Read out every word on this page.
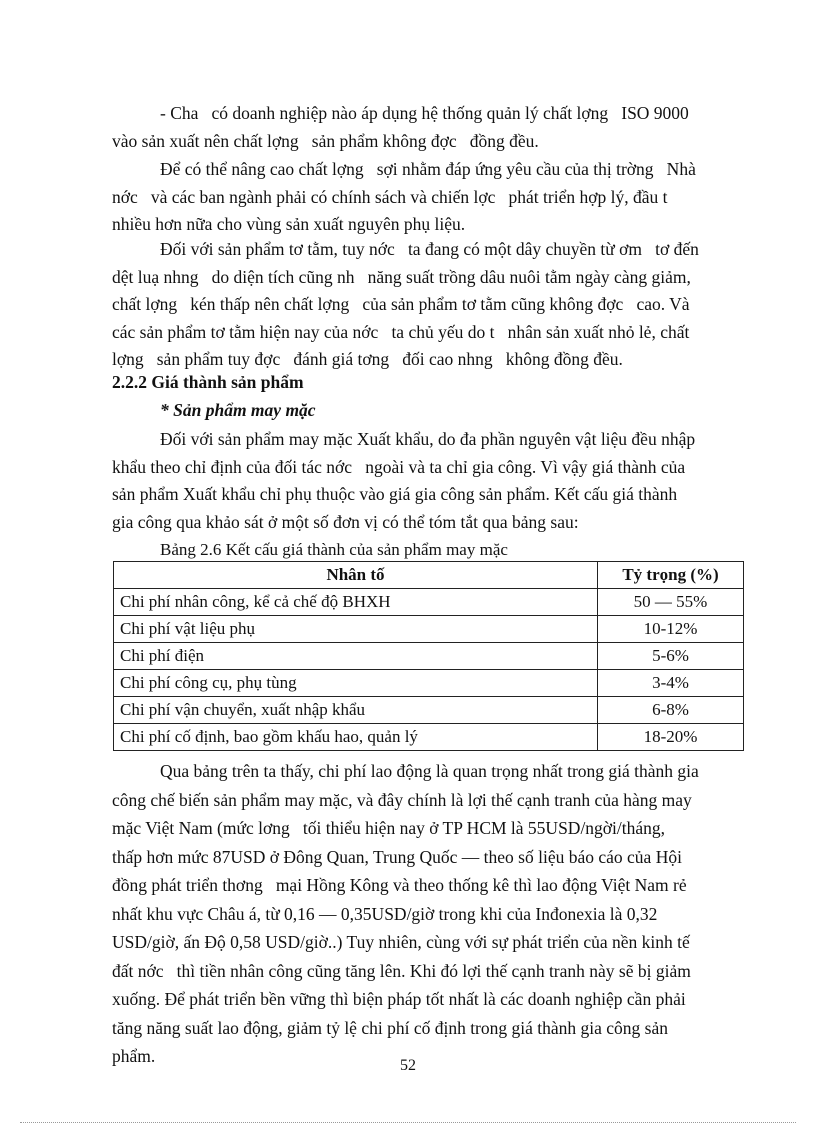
- Cha   có doanh nghiệp nào áp dụng hệ thống quản lý chất lợng   ISO 9000
vào sản xuất nên chất lợng   sản phẩm không đợc   đồng đều.
Để có thể nâng cao chất lợng   sợi nhằm đáp ứng yêu cầu của thị trờng   Nhà
nớc   và các ban ngành phải có chính sách và chiến lợc   phát triển hợp lý, đầu t
nhiều hơn nữa cho vùng sản xuất nguyên phụ liệu.
Đối với sản phẩm tơ tằm, tuy nớc   ta đang có một dây chuyền từ ơm   tơ đến
dệt luạ nhng   do diện tích cũng nh   năng suất trồng dâu nuôi tằm ngày càng giảm,
chất lợng   kén thấp nên chất lợng   của sản phẩm tơ tằm cũng không đợc   cao. Và
các sản phẩm tơ tằm hiện nay của nớc   ta chủ yếu do t   nhân sản xuất nhỏ lẻ, chất
lợng   sản phẩm tuy đợc   đánh giá tơng   đối cao nhng   không đồng đều.
2.2.2 Giá thành sản phẩm
* Sản phẩm may mặc
Đối với sản phẩm may mặc Xuất khẩu, do đa phần nguyên vật liệu đều nhập
khẩu theo chỉ định của đối tác nớc   ngoài và ta chỉ gia công. Vì vậy giá thành của
sản phẩm Xuất khẩu chỉ phụ thuộc vào giá gia công sản phẩm. Kết cấu giá thành
gia công qua khảo sát ở một số đơn vị có thể tóm tắt qua bảng sau:
Bảng 2.6 Kết cấu giá thành của sản phẩm may mặc
Nhân tố	Tỷ trọng (%)
Chi phí nhân công, kể cả chế độ BHXH	50 — 55%
Chi phí vật liệu phụ	10-12%
Chi phí điện	5-6%
Chi phí công cụ, phụ tùng	3-4%
Chi phí vận chuyển, xuất nhập khẩu	6-8%
Chi phí cố định, bao gồm khấu hao, quản lý	18-20%
Qua bảng trên ta thấy, chi phí lao động là quan trọng nhất trong giá thành gia
công chế biến sản phẩm may mặc, và đây chính là lợi thế cạnh tranh của hàng may
mặc Việt Nam (mức lơng   tối thiểu hiện nay ở TP HCM là 55USD/ngời/tháng,
thấp hơn mức 87USD ở Đông Quan, Trung Quốc — theo số liệu báo cáo của Hội
đồng phát triển thơng   mại Hồng Kông và theo thống kê thì lao động Việt Nam rẻ
nhất khu vực Châu á, từ 0,16 — 0,35USD/giờ trong khi của Inđonexia là 0,32
USD/giờ, ấn Độ 0,58 USD/giờ..) Tuy nhiên, cùng với sự phát triển của nền kinh tế
đất nớc   thì tiền nhân công cũng tăng lên. Khi đó lợi thế cạnh tranh này sẽ bị giảm
xuống. Để phát triển bền vững thì biện pháp tốt nhất là các doanh nghiệp cần phải
tăng năng suất lao động, giảm tỷ lệ chi phí cố định trong giá thành gia công sản
phẩm.	52
